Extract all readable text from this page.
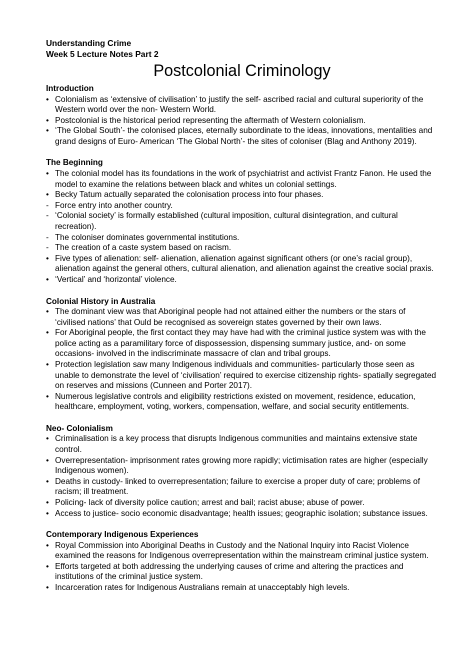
Understanding Crime
Week 5 Lecture Notes Part 2
Postcolonial Criminology
Introduction
• Colonialism as ‘extensive of civilisation’ to justify the self- ascribed racial and cultural superiority of the Western world over the non- Western World.
• Postcolonial is the historical period representing the aftermath of Western colonialism.
• ‘The Global South’- the colonised places, eternally subordinate to the ideas, innovations, mentalities and grand designs of Euro- American ‘The Global North’- the sites of coloniser (Blag and Anthony 2019).
The Beginning
• The colonial model has its foundations in the work of psychiatrist and activist Frantz Fanon. He used the model to examine the relations between black and whites un colonial settings.
• Becky Tatum actually separated the colonisation process into four phases.
- Force entry into another country.
- ‘Colonial society’ is formally established (cultural imposition, cultural disintegration, and cultural recreation).
- The coloniser dominates governmental institutions.
- The creation of a caste system based on racism.
• Five types of alienation: self- alienation, alienation against significant others (or one’s racial group), alienation against the general others, cultural alienation, and alienation against the creative social praxis.
• ‘Vertical’ and ‘horizontal’ violence.
Colonial History in Australia
• The dominant view was that Aboriginal people had not attained either the numbers or the stars of ‘civilised nations’ that Ould be recognised as sovereign states governed by their own laws.
• For Aboriginal people, the first contact they may have had with the criminal justice system was with the police acting as a paramilitary force of dispossession, dispensing summary justice, and- on some occasions- involved in the indiscriminate massacre of clan and tribal groups.
• Protection legislation saw many Indigenous individuals and communities- particularly those seen as unable to demonstrate the level of ‘civilisation’ required to exercise citizenship rights- spatially segregated on reserves and missions (Cunneen and Porter 2017).
• Numerous legislative controls and eligibility restrictions existed on movement, residence, education, healthcare, employment, voting, workers, compensation, welfare, and social security entitlements.
Neo- Colonialism
• Criminalisation is a key process that disrupts Indigenous communities and maintains extensive state control.
• Overrepresentation- imprisonment rates growing more rapidly; victimisation rates are higher (especially Indigenous women).
• Deaths in custody- linked to overrepresentation; failure to exercise a proper duty of care; problems of racism; ill treatment.
• Policing- lack of diversity police caution; arrest and bail; racist abuse; abuse of power.
• Access to justice- socio economic disadvantage; health issues; geographic isolation; substance issues.
Contemporary Indigenous Experiences
• Royal Commission into Aboriginal Deaths in Custody and the National Inquiry into Racist Violence examined the reasons for Indigenous overrepresentation within the mainstream criminal justice system.
• Efforts targeted at both addressing the underlying causes of crime and altering the practices and institutions of the criminal justice system.
• Incarceration rates for Indigenous Australians remain at unacceptably high levels.
